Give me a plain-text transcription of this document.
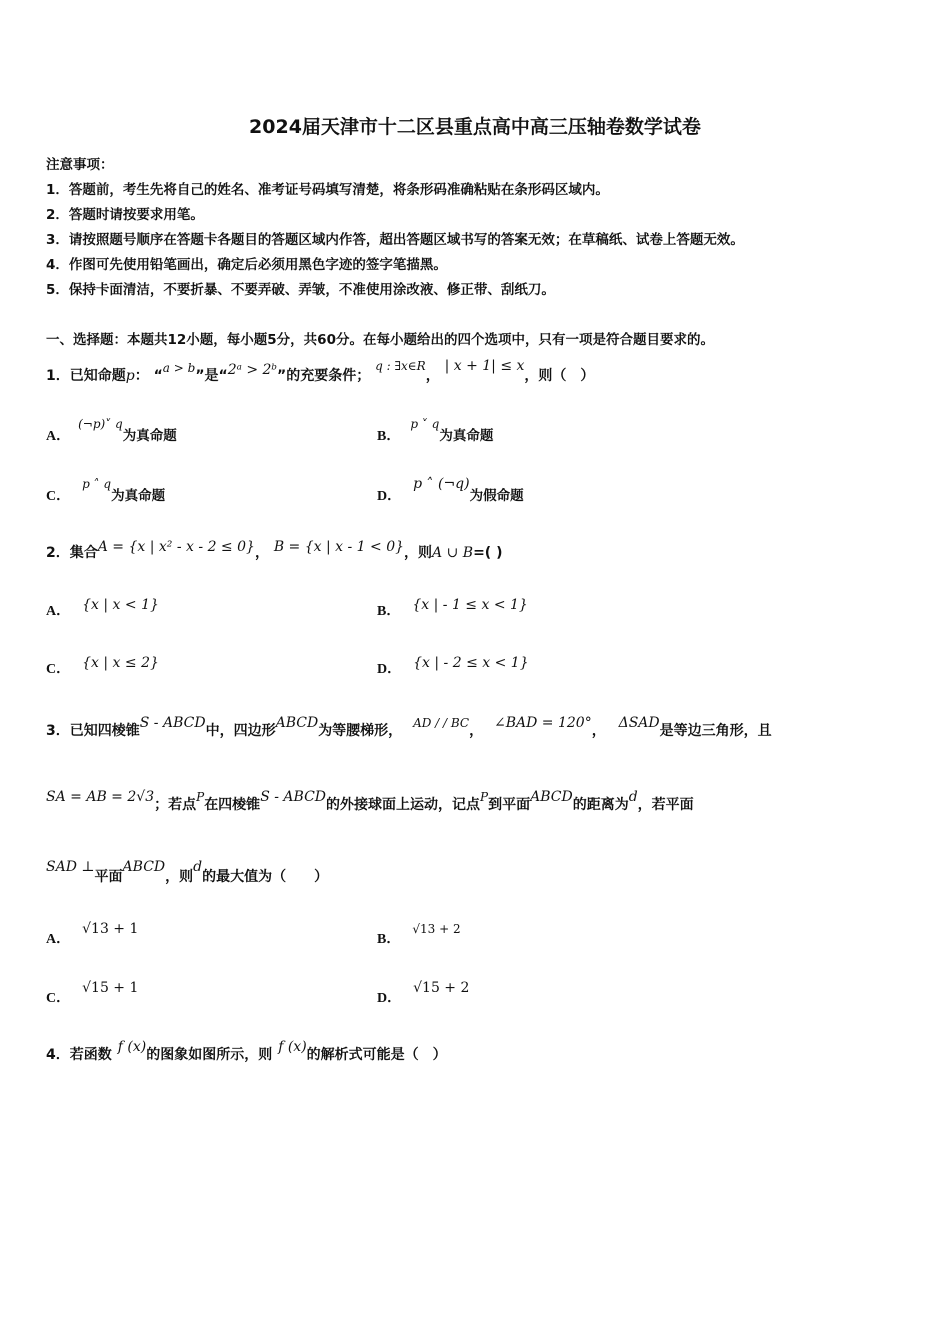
2024届天津市十二区县重点高中高三压轴卷数学试卷
注意事项：
1．答题前，考生先将自己的姓名、准考证号码填写清楚，将条形码准确粘贴在条形码区域内。
2．答题时请按要求用笔。
3．请按照题号顺序在答题卡各题目的答题区域内作答，超出答题区域书写的答案无效；在草稿纸、试卷上答题无效。
4．作图可先使用铅笔画出，确定后必须用黑色字迹的签字笔描黑。
5．保持卡面清洁，不要折暴、不要弄破、弄皱，不准使用涂改液、修正带、刮纸刀。
一、选择题：本题共12小题，每小题5分，共60分。在每小题给出的四个选项中，只有一项是符合题目要求的。
1．已知命题p： “a > b”是“2ᵃ > 2ᵇ”的充要条件； q : ∃x∈R， | x + 1| ≤ x，则（　）
A．(¬p)˅ q为真命题	B．p ˅ q为真命题
C．p ˄ q为真命题	D．p ˄ (¬q)为假命题
2．集合A = {x | x² - x - 2 ≤ 0}， B = {x | x - 1 < 0}，则A ∪ B=( )
A． {x | x < 1}	B． {x | - 1 ≤ x < 1}
C． {x | x ≤ 2}	D． {x | - 2 ≤ x < 1}
3．已知四棱锥S - ABCD中，四边形ABCD为等腰梯形， AD / / BC， ∠BAD = 120°， ΔSAD是等边三角形，且
SA = AB = 2√3；若点P在四棱锥S - ABCD的外接球面上运动，记点P到平面ABCD的距离为d，若平面
SAD ⊥平面ABCD，则d的最大值为（　　）
A．√13 + 1
B．√13 + 2
C．√15 + 1
D．√15 + 2
4．若函数 f (x)的图象如图所示，则 f (x)的解析式可能是（　）
